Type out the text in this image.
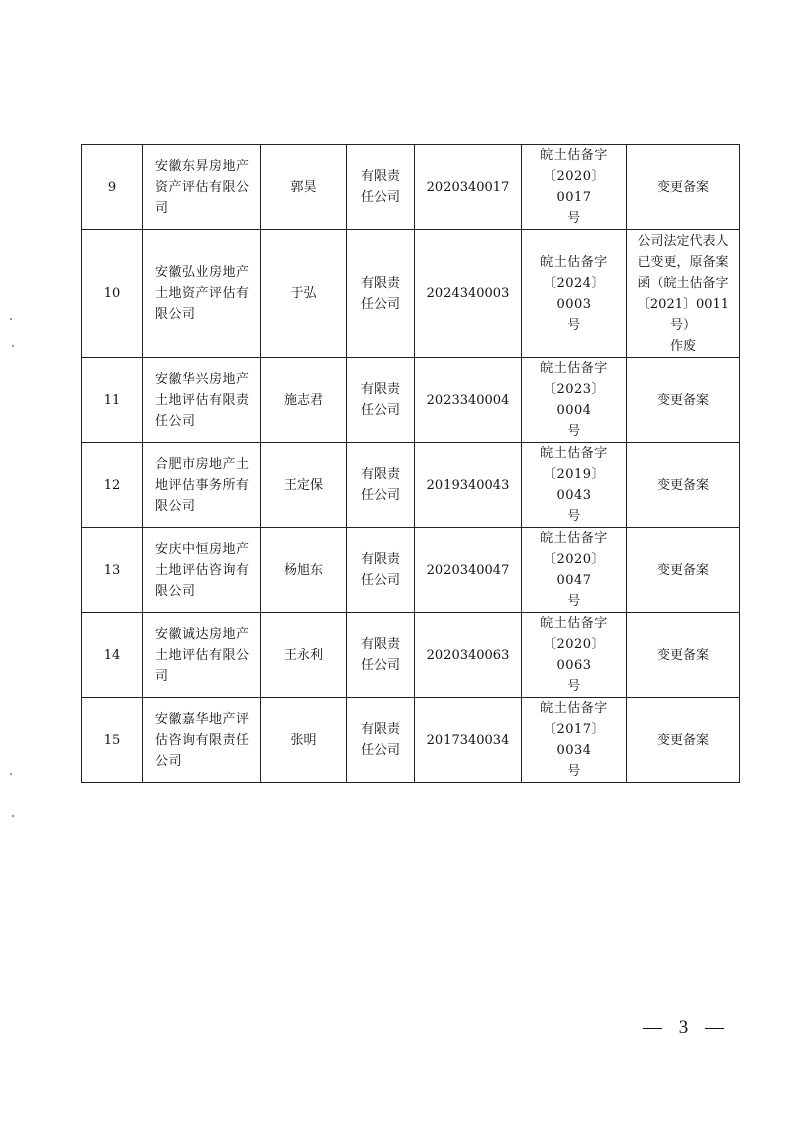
9	安徽东昇房地产
资产评估有限公
司	郭昊	有限责
任公司	2020340017	皖土估备字
〔2020〕0017
号	变更备案

10	安徽弘业房地产
土地资产评估有
限公司	于弘	有限责
任公司	2024340003	皖土估备字
〔2024〕0003
号	公司法定代表人
已变更，原备案
函（皖土估备字
〔2021〕0011号）
作废

11	安徽华兴房地产
土地评估有限责
任公司	施志君	有限责
任公司	2023340004	皖土估备字
〔2023〕0004
号	变更备案

12	合肥市房地产土
地评估事务所有
限公司	王定保	有限责
任公司	2019340043	皖土估备字
〔2019〕0043
号	变更备案

13	安庆中恒房地产
土地评估咨询有
限公司	杨旭东	有限责
任公司	2020340047	皖土估备字
〔2020〕0047
号	变更备案

14	安徽诚达房地产
土地评估有限公
司	王永利	有限责
任公司	2020340063	皖土估备字
〔2020〕0063
号	变更备案

15	安徽嘉华地产评
估咨询有限责任
公司	张明	有限责
任公司	2017340034	皖土估备字
〔2017〕0034
号	变更备案
— 3 —
